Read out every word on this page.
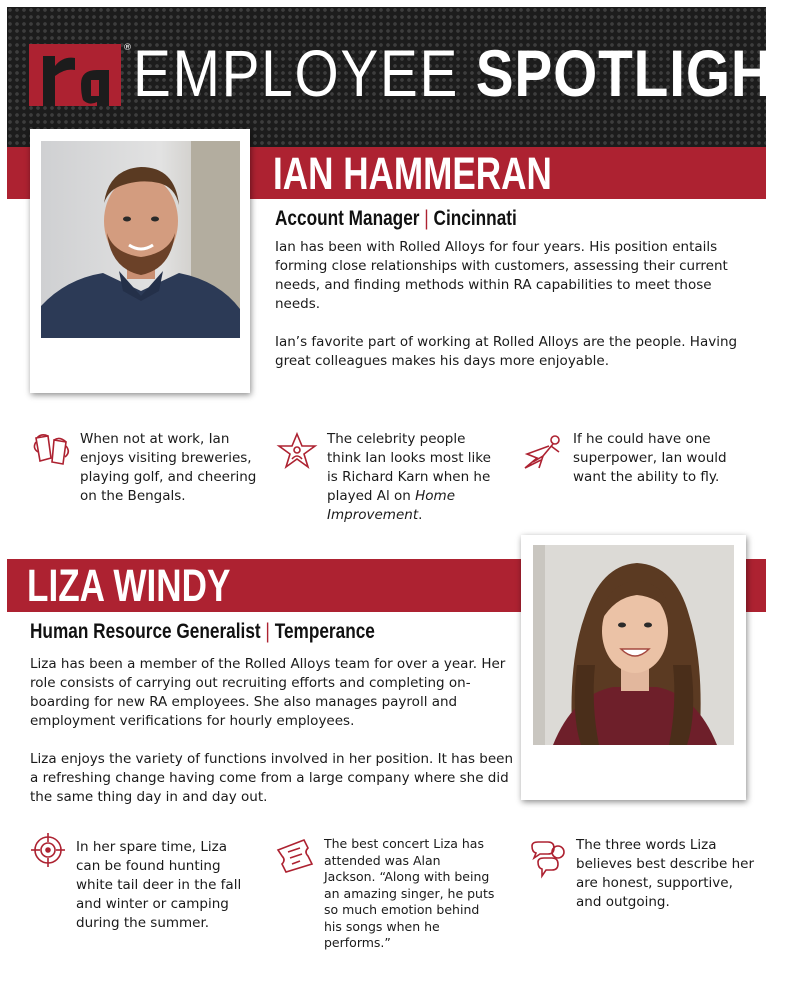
® EMPLOYEE SPOTLIGHT
IAN HAMMERAN
Account Manager | Cincinnati

Ian has been with Rolled Alloys for four years. His position entails forming close relationships with customers, assessing their current needs, and finding methods within RA capabilities to meet those needs.

Ian’s favorite part of working at Rolled Alloys are the people. Having great colleagues makes his days more enjoyable.

When not at work, Ian
enjoys visiting breweries,
playing golf, and cheering
on the Bengals.
The celebrity people
think Ian looks most like
is Richard Karn when he
played Al on Home
Improvement.
If he could have one
superpower, Ian would
want the ability to fly.
LIZA WINDY
Human Resource Generalist | Temperance

Liza has been a member of the Rolled Alloys team for over a year. Her role consists of carrying out recruiting efforts and completing on-boarding for new RA employees. She also manages payroll and employment verifications for hourly employees.

Liza enjoys the variety of functions involved in her position. It has been a refreshing change having come from a large company where she did the same thing day in and day out.

In her spare time, Liza
can be found hunting
white tail deer in the fall
and winter or camping
during the summer.
The best concert Liza has
attended was Alan
Jackson. “Along with being
an amazing singer, he puts
so much emotion behind
his songs when he
performs.”
The three words Liza
believes best describe her
are honest, supportive,
and outgoing.
